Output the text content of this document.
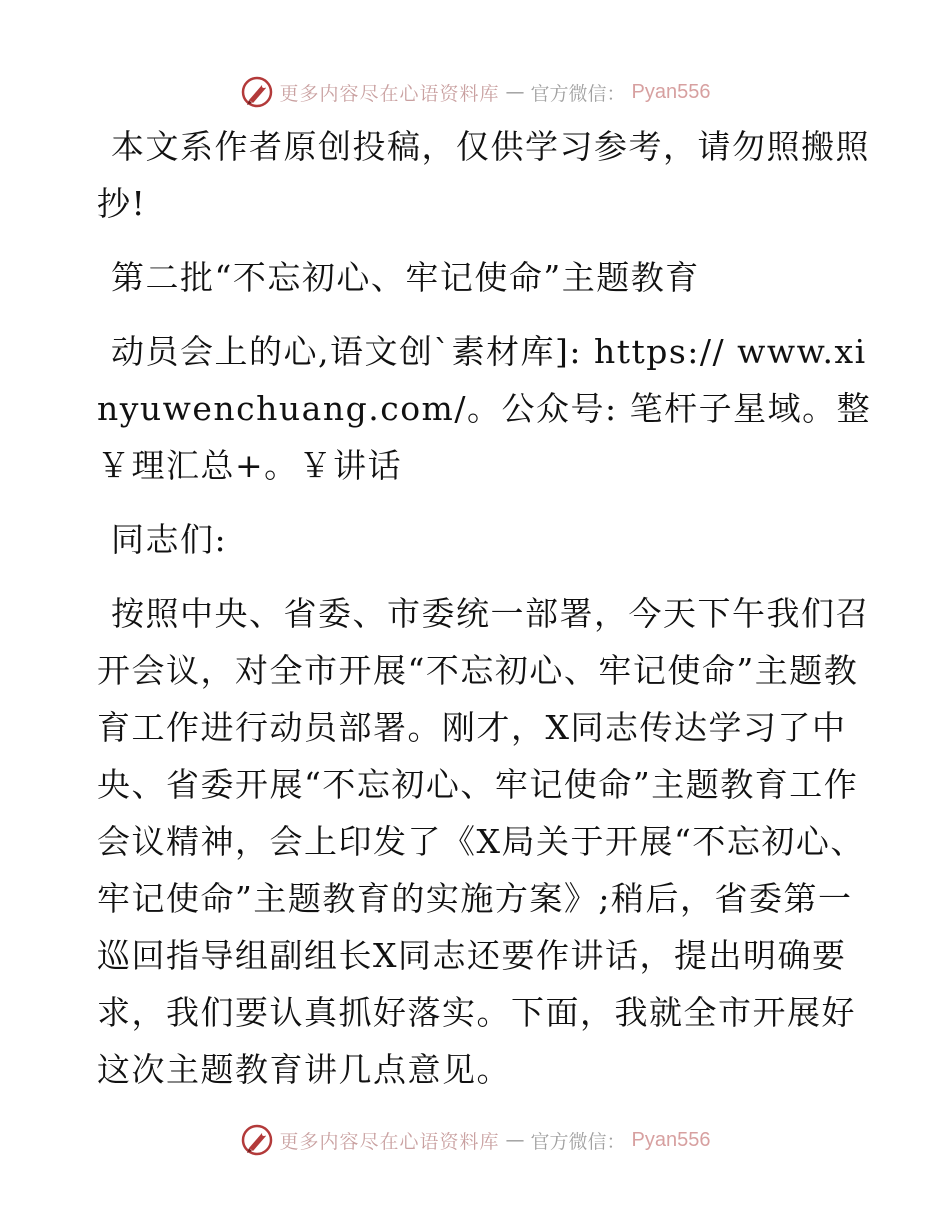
更多内容尽在心语资料库 — 官方微信： Pyan556

本文系作者原创投稿，仅供学习参考，请勿照搬照抄!

第二批“不忘初心、牢记使命”主题教育

动员会上的心,语文创`素材库]: https:// www.xinyuwenchuang.com/。公众号: 笔杆子星域。整￥理汇总+。￥讲话

同志们:

按照中央、省委、市委统一部署，今天下午我们召开会议，对全市开展“不忘初心、牢记使命”主题教育工作进行动员部署。刚才，X同志传达学习了中央、省委开展“不忘初心、牢记使命”主题教育工作会议精神，会上印发了《X局关于开展“不忘初心、牢记使命”主题教育的实施方案》;稍后，省委第一巡回指导组副组长X同志还要作讲话，提出明确要求，我们要认真抓好落实。下面，我就全市开展好这次主题教育讲几点意见。

更多内容尽在心语资料库 — 官方微信： Pyan556
